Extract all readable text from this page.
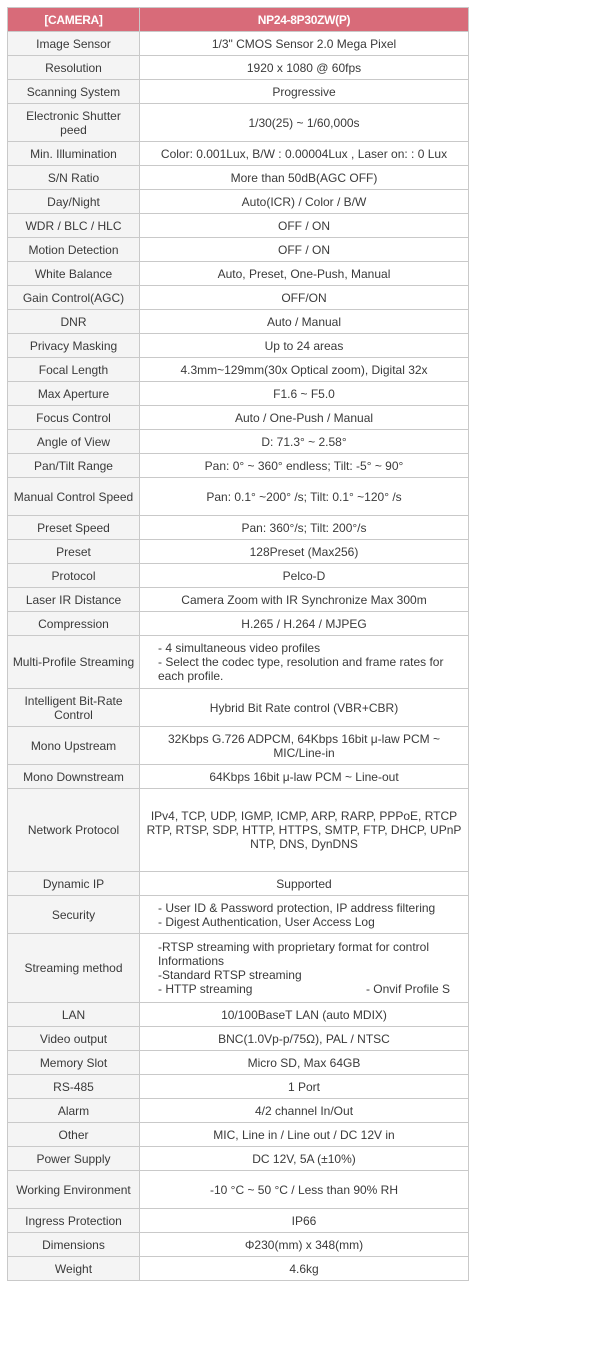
[CAMERA]	NP24-8P30ZW(P)
Image Sensor	1/3" CMOS Sensor 2.0 Mega Pixel

Resolution	1920 x 1080 @ 60fps

Scanning System	Progressive

Electronic Shutter peed	1/30(25) ~ 1/60,000s

Min. Illumination	Color: 0.001Lux, B/W : 0.00004Lux , Laser on: : 0 Lux

S/N Ratio	More than 50dB(AGC OFF)

Day/Night	Auto(ICR) / Color / B/W

WDR / BLC / HLC	OFF / ON

Motion Detection	OFF / ON

White Balance	Auto, Preset, One-Push, Manual

Gain Control(AGC)	OFF/ON

DNR	Auto / Manual

Privacy Masking	Up to 24 areas

Focal Length	4.3mm~129mm(30x Optical zoom), Digital 32x

Max Aperture	F1.6 ~ F5.0

Focus Control	Auto / One-Push / Manual

Angle of View	D: 71.3° ~ 2.58°

Pan/Tilt Range	Pan: 0° ~ 360° endless; Tilt: -5° ~ 90°

Manual Control Speed	Pan: 0.1° ~200° /s; Tilt: 0.1° ~120° /s

Preset Speed	Pan: 360°/s; Tilt: 200°/s

Preset	128Preset (Max256)

Protocol	Pelco-D

Laser IR Distance	Camera Zoom with IR Synchronize Max 300m

Compression	H.265 / H.264 / MJPEG

Multi-Profile Streaming	- 4 simultaneous video profiles
- Select the codec type, resolution and frame rates for each profile.

Intelligent Bit-Rate Control	Hybrid Bit Rate control (VBR+CBR)

Mono Upstream	32Kbps G.726 ADPCM, 64Kbps 16bit μ-law PCM ~ MIC/Line-in

Mono Downstream	64Kbps 16bit μ-law PCM ~ Line-out

Network Protocol	IPv4, TCP, UDP, IGMP, ICMP, ARP, RARP, PPPoE, RTCP
RTP, RTSP, SDP, HTTP, HTTPS, SMTP, FTP, DHCP, UPnP
NTP, DNS, DynDNS

Dynamic IP	Supported

Security	- User ID & Password protection, IP address filtering
- Digest Authentication, User Access Log

Streaming method	-RTSP streaming with proprietary format for control Informations
-Standard RTSP streaming
- HTTP streaming - Onvif Profile S

LAN	10/100BaseT LAN (auto MDIX)

Video output	BNC(1.0Vp-p/75Ω), PAL / NTSC

Memory Slot	Micro SD, Max 64GB

RS-485	1 Port

Alarm	4/2 channel In/Out

Other	MIC, Line in / Line out / DC 12V in

Power Supply	DC 12V, 5A (±10%)

Working Environment	-10 °C ~ 50 °C / Less than 90% RH

Ingress Protection	IP66

Dimensions	Φ230(mm) x 348(mm)

Weight	4.6kg
